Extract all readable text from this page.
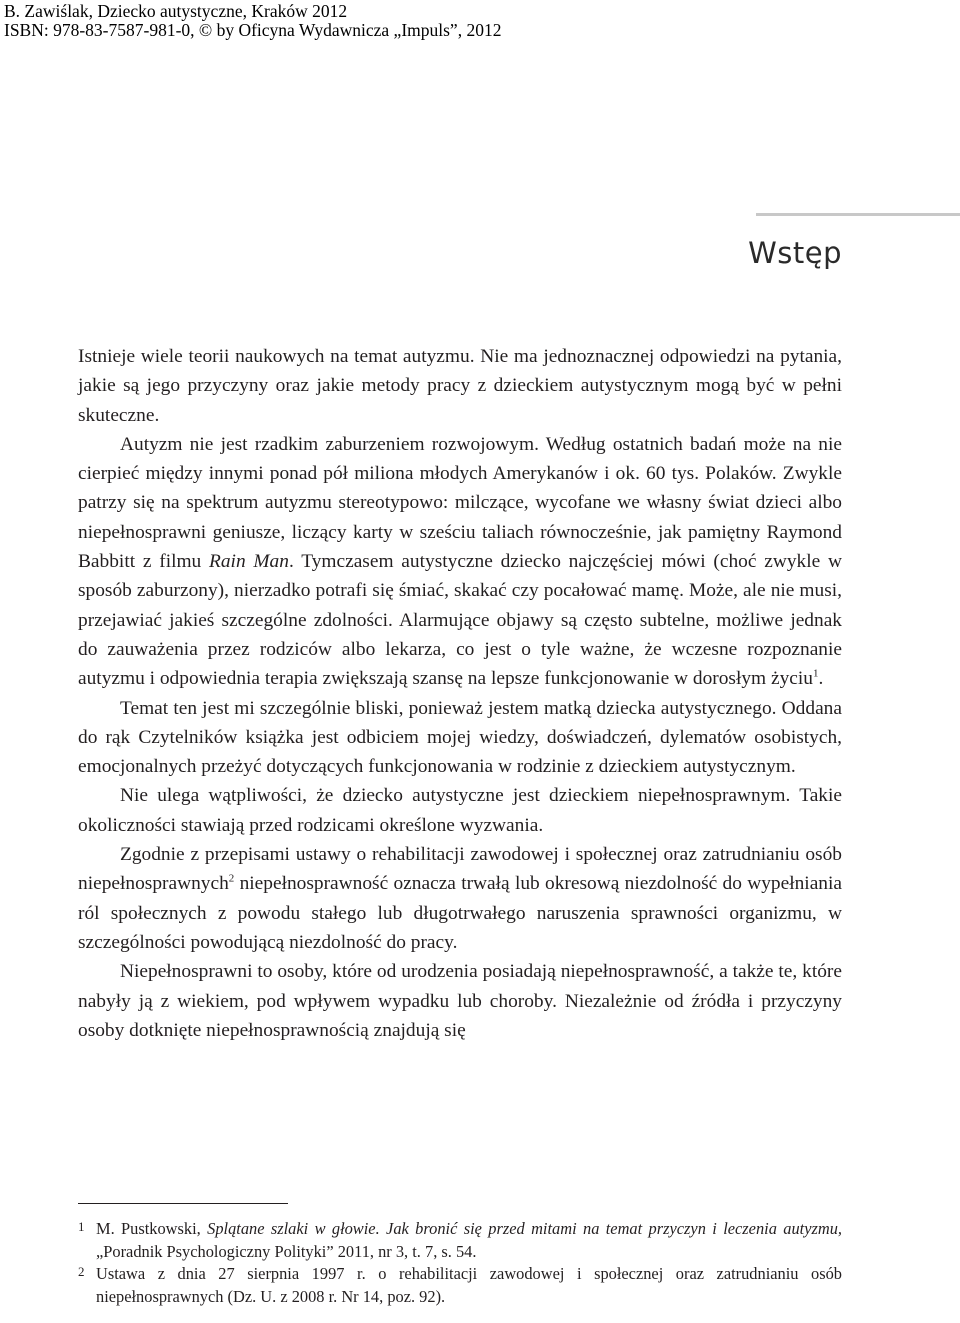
B. Zawiślak, Dziecko autystyczne, Kraków 2012
ISBN: 978-83-7587-981-0, © by Oficyna Wydawnicza „Impuls”, 2012
Wstęp

Istnieje wiele teorii naukowych na temat autyzmu. Nie ma jednoznacznej odpowiedzi na pytania, jakie są jego przyczyny oraz jakie metody pracy z dzieckiem autystycznym mogą być w pełni skuteczne.

Autyzm nie jest rzadkim zaburzeniem rozwojowym. Według ostatnich badań może na nie cierpieć między innymi ponad pół miliona młodych Amerykanów i ok. 60 tys. Polaków. Zwykle patrzy się na spektrum autyzmu stereotypowo: milczące, wycofane we własny świat dzieci albo niepełnosprawni geniusze, liczący karty w sześciu taliach równocześnie, jak pamiętny Raymond Babbitt z filmu Rain Man. Tymczasem autystyczne dziecko najczęściej mówi (choć zwykle w sposób zaburzony), nierzadko potrafi się śmiać, skakać czy pocałować mamę. Może, ale nie musi, przejawiać jakieś szczególne zdolności. Alarmujące objawy są często subtelne, możliwe jednak do zauważenia przez rodziców albo lekarza, co jest o tyle ważne, że wczesne rozpoznanie autyzmu i odpowiednia terapia zwiększają szansę na lepsze funkcjonowanie w dorosłym życiu$^1$.

Temat ten jest mi szczególnie bliski, ponieważ jestem matką dziecka autystycznego. Oddana do rąk Czytelników książka jest odbiciem mojej wiedzy, doświadczeń, dylematów osobistych, emocjonalnych przeżyć dotyczących funkcjonowania w rodzinie z dzieckiem autystycznym.

Nie ulega wątpliwości, że dziecko autystyczne jest dzieckiem niepełnosprawnym. Takie okoliczności stawiają przed rodzicami określone wyzwania.

Zgodnie z przepisami ustawy o rehabilitacji zawodowej i społecznej oraz zatrudnianiu osób niepełnosprawnych$^2$ niepełnosprawność oznacza trwałą lub okresową niezdolność do wypełniania ról społecznych z powodu stałego lub długotrwałego naruszenia sprawności organizmu, w szczególności powodującą niezdolność do pracy.

Niepełnosprawni to osoby, które od urodzenia posiadają niepełnosprawność, a także te, które nabyły ją z wiekiem, pod wpływem wypadku lub choroby. Niezależnie od źródła i przyczyny osoby dotknięte niepełnosprawnością znajdują się

1 M. Pustkowski, Splątane szlaki w głowie. Jak bronić się przed mitami na temat przyczyn i leczenia autyzmu, „Poradnik Psychologiczny Polityki” 2011, nr 3, t. 7, s. 54.
2 Ustawa z dnia 27 sierpnia 1997 r. o rehabilitacji zawodowej i społecznej oraz zatrudnianiu osób niepełnosprawnych (Dz. U. z 2008 r. Nr 14, poz. 92).
